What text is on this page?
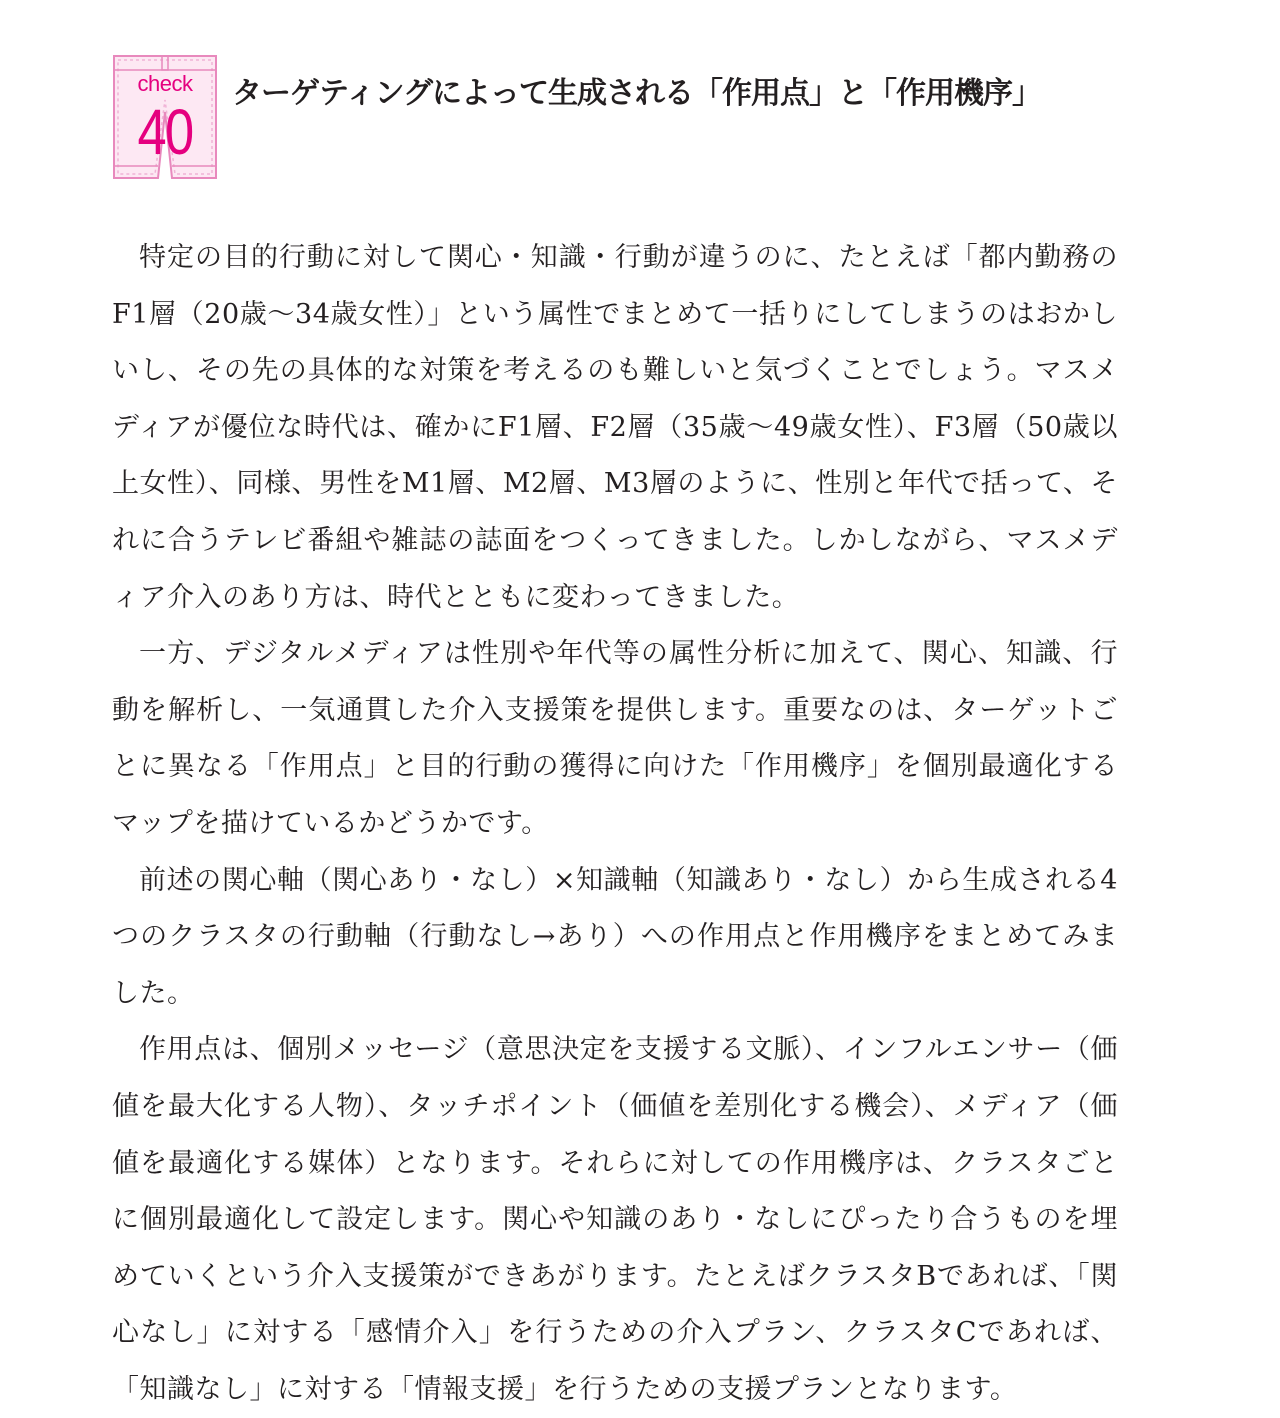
check
40
ターゲティングによって生成される「作用点」と「作用機序」

特定の目的行動に対して関心・知識・行動が違うのに、たとえば「都内勤務のF1層（20歳～34歳女性）」という属性でまとめて一括りにしてしまうのはおかしいし、その先の具体的な対策を考えるのも難しいと気づくことでしょう。マスメディアが優位な時代は、確かにF1層、F2層（35歳～49歳女性）、F3層（50歳以上女性）、同様、男性をM1層、M2層、M3層のように、性別と年代で括って、それに合うテレビ番組や雑誌の誌面をつくってきました。しかしながら、マスメディア介入のあり方は、時代とともに変わってきました。

一方、デジタルメディアは性別や年代等の属性分析に加えて、関心、知識、行動を解析し、一気通貫した介入支援策を提供します。重要なのは、ターゲットごとに異なる「作用点」と目的行動の獲得に向けた「作用機序」を個別最適化するマップを描けているかどうかです。

前述の関心軸（関心あり・なし）×知識軸（知識あり・なし）から生成される4つのクラスタの行動軸（行動なし→あり）への作用点と作用機序をまとめてみました。

作用点は、個別メッセージ（意思決定を支援する文脈）、インフルエンサー（価値を最大化する人物）、タッチポイント（価値を差別化する機会）、メディア（価値を最適化する媒体）となります。それらに対しての作用機序は、クラスタごとに個別最適化して設定します。関心や知識のあり・なしにぴったり合うものを埋めていくという介入支援策ができあがります。たとえばクラスタBであれば、「関心なし」に対する「感情介入」を行うための介入プラン、クラスタCであれば、「知識なし」に対する「情報支援」を行うための支援プランとなります。
